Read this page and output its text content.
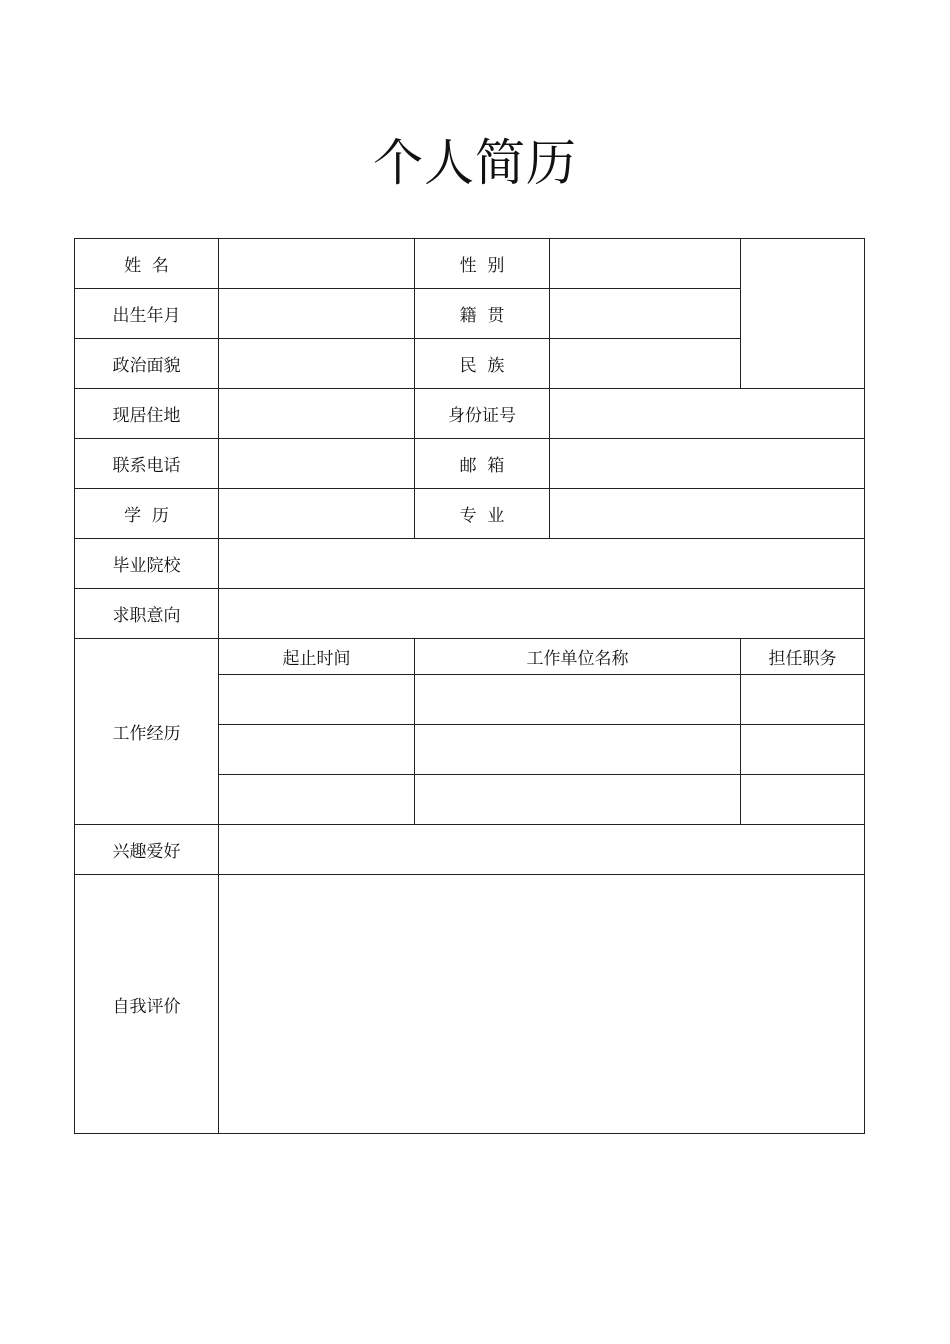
个人简历
姓  名		性  别		
出生年月		籍  贯		
政治面貌		民  族		
现居住地		身份证号		
联系电话		邮  箱		
学  历		专  业		
毕业院校				
求职意向				
工作经历	起止时间	工作单位名称		担任职务

兴趣爱好				
自我评价				
